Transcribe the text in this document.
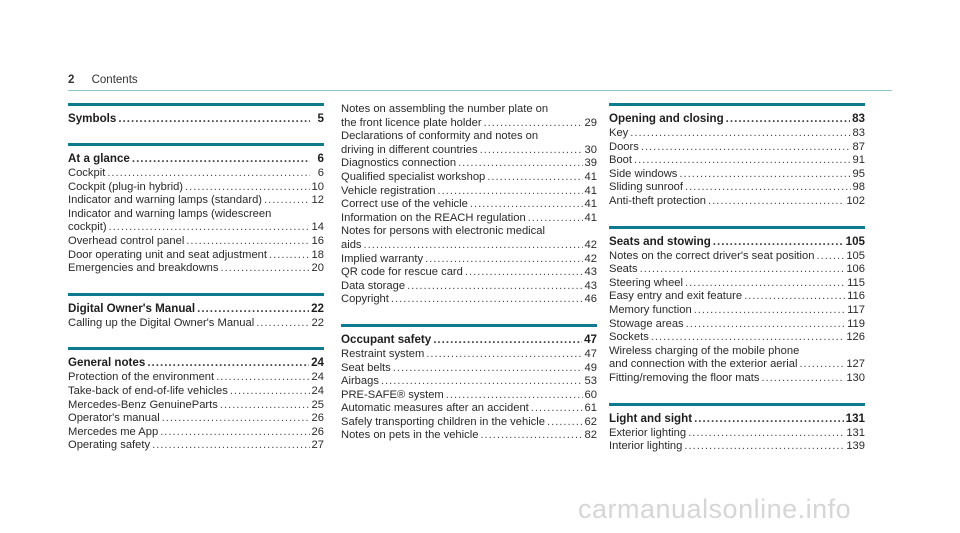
2 Contents
Symbols .....	5
At a glance .....	6
Cockpit .....	6
Cockpit (plug-in hybrid) .....	10
Indicator and warning lamps (standard) .....	12
Indicator and warning lamps (widescreen
cockpit) .....	14
Overhead control panel .....	16
Door operating unit and seat adjustment .....	18
Emergencies and breakdowns .....	20
Digital Owner's Manual .....	22
Calling up the Digital Owner's Manual .....	22
General notes .....	24
Protection of the environment .....	24
Take-back of end-of-life vehicles .....	24
Mercedes-Benz GenuineParts .....	25
Operator's manual .....	26
Mercedes me App .....	26
Operating safety .....	27
Notes on assembling the number plate on
the front licence plate holder .....	29
Declarations of conformity and notes on
driving in different countries .....	30
Diagnostics connection .....	39
Qualified specialist workshop .....	41
Vehicle registration .....	41
Correct use of the vehicle .....	41
Information on the REACH regulation .....	41
Notes for persons with electronic medical
aids .....	42
Implied warranty .....	42
QR code for rescue card .....	43
Data storage .....	43
Copyright .....	46
Occupant safety .....	47
Restraint system .....	47
Seat belts .....	49
Airbags .....	53
PRE-SAFE® system .....	60
Automatic measures after an accident .....	61
Safely transporting children in the vehicle .....	62
Notes on pets in the vehicle .....	82
Opening and closing .....	83
Key .....	83
Doors .....	87
Boot .....	91
Side windows .....	95
Sliding sunroof .....	98
Anti-theft protection .....	102
Seats and stowing .....	105
Notes on the correct driver's seat position .....	105
Seats .....	106
Steering wheel .....	115
Easy entry and exit feature .....	116
Memory function .....	117
Stowage areas .....	119
Sockets .....	126
Wireless charging of the mobile phone
and connection with the exterior aerial .....	127
Fitting/removing the floor mats .....	130
Light and sight .....	131
Exterior lighting .....	131
Interior lighting .....	139
carmanualsonline.info
